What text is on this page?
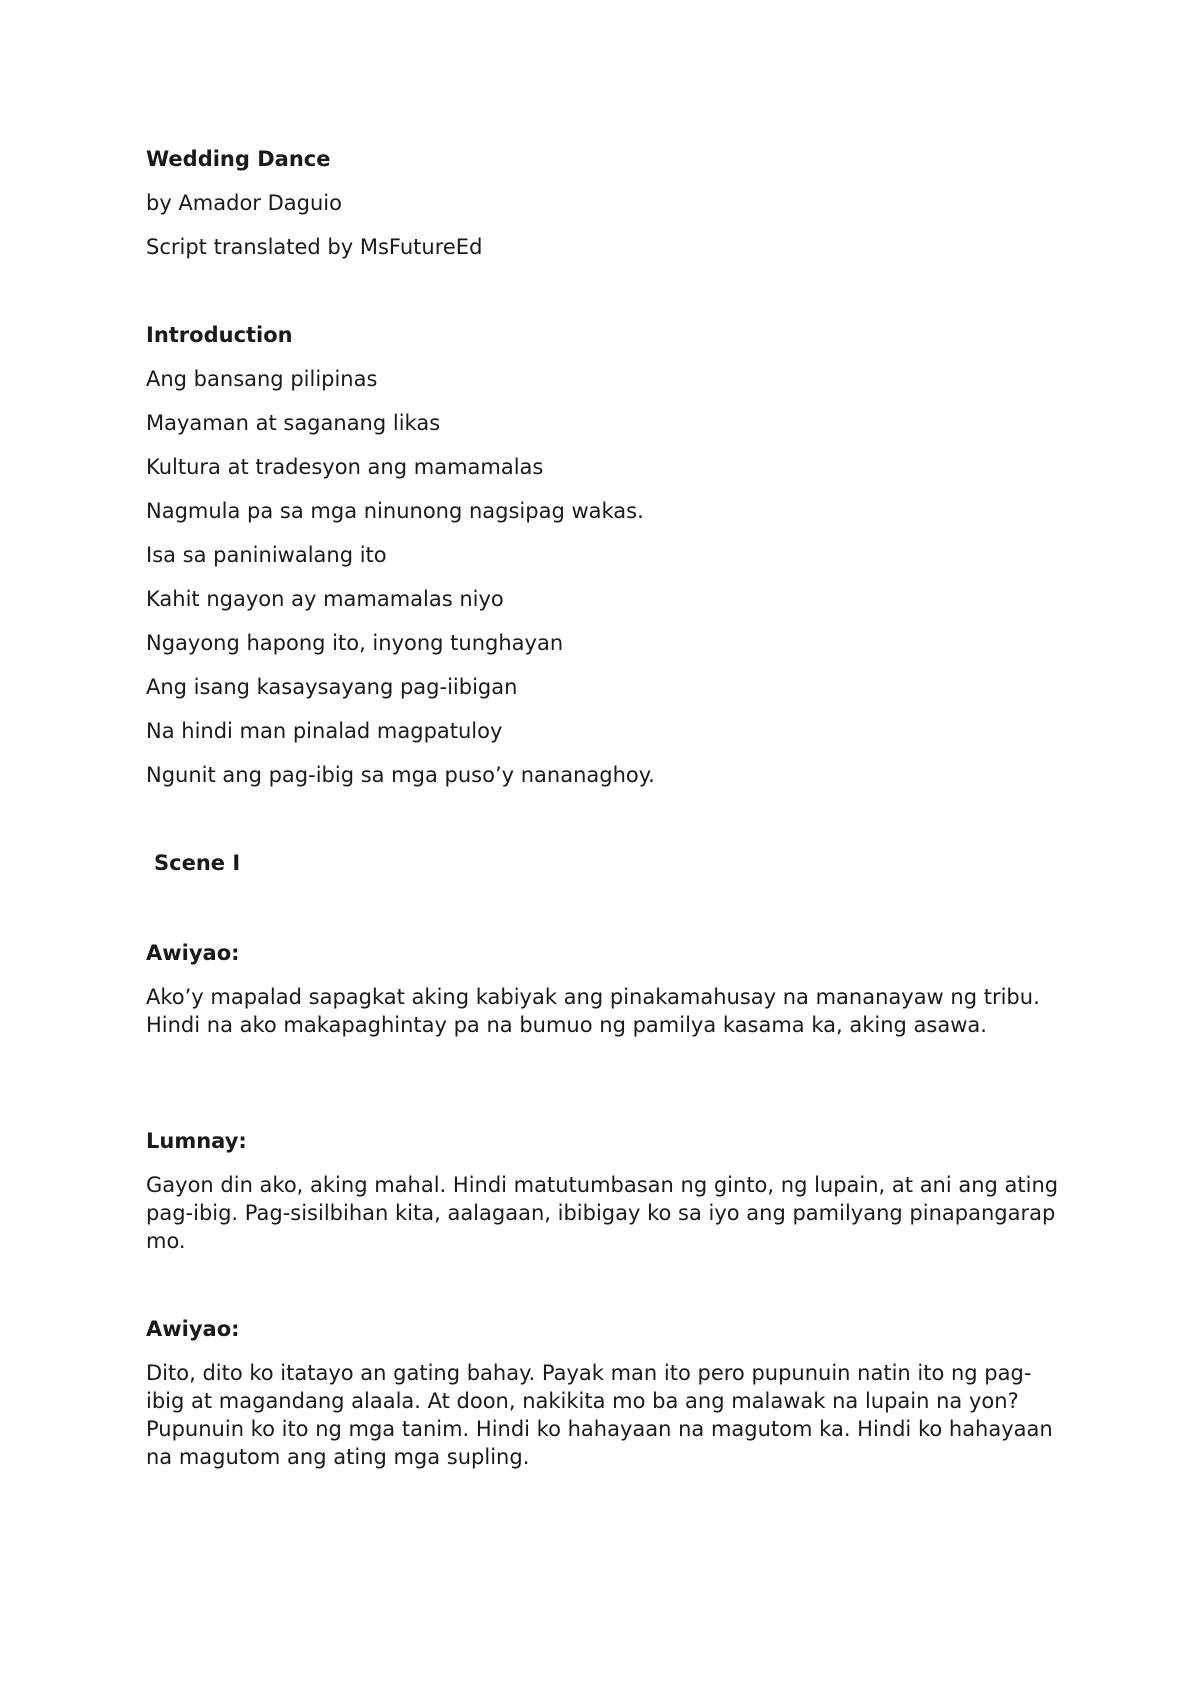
Wedding Dance

by Amador Daguio

Script translated by MsFutureEd

Introduction

Ang bansang pilipinas

Mayaman at saganang likas

Kultura at tradesyon ang mamamalas

Nagmula pa sa mga ninunong nagsipag wakas.

Isa sa paniniwalang ito

Kahit ngayon ay mamamalas niyo

Ngayong hapong ito, inyong tunghayan

Ang isang kasaysayang pag-iibigan

Na hindi man pinalad magpatuloy

Ngunit ang pag-ibig sa mga puso’y nananaghoy.

Scene I

Awiyao:

Ako’y mapalad sapagkat aking kabiyak ang pinakamahusay na mananayaw ng tribu. Hindi na ako makapaghintay pa na bumuo ng pamilya kasama ka, aking asawa.

Lumnay:

Gayon din ako, aking mahal. Hindi matutumbasan ng ginto, ng lupain, at ani ang ating pag-ibig. Pag-sisilbihan kita, aalagaan, ibibigay ko sa iyo ang pamilyang pinapangarap mo.

Awiyao:

Dito, dito ko itatayo an gating bahay. Payak man ito pero pupunuin natin ito ng pag-ibig at magandang alaala. At doon, nakikita mo ba ang malawak na lupain na yon? Pupunuin ko ito ng mga tanim. Hindi ko hahayaan na magutom ka. Hindi ko hahayaan na magutom ang ating mga supling.
